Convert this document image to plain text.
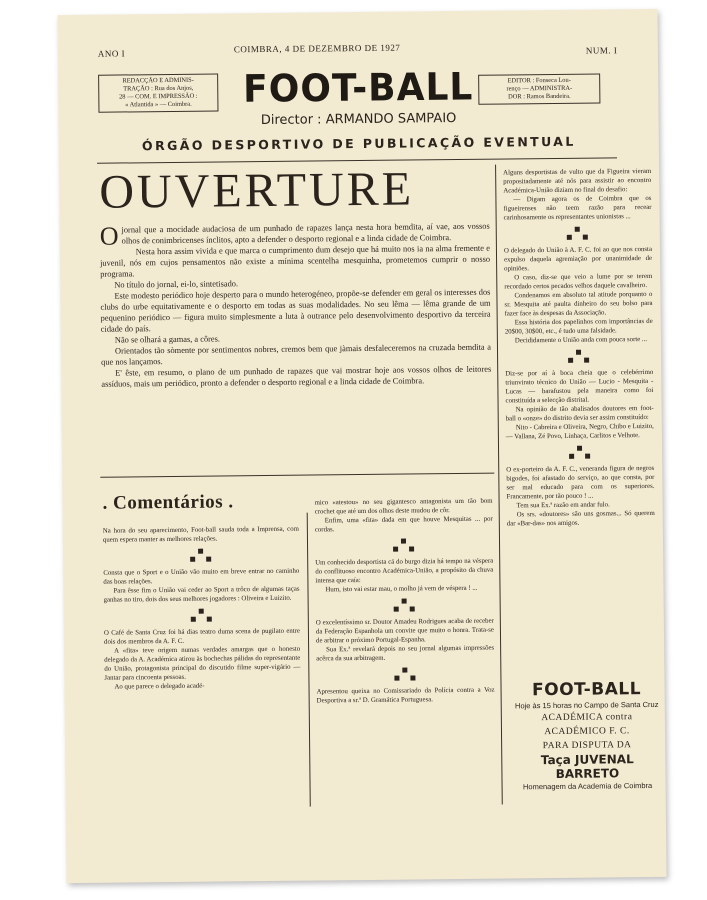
ANO I	COIMBRA, 4 DE DEZEMBRO DE 1927	NUM. I
REDACÇÃO E ADMINIS-
TRAÇÃO : Rua dos Anjos,
28 — COM. E IMPRESSÃO :
« Atlantida » — Coimbra.
EDITOR : Fonseca Lou-
renço — ADMINISTRA-
DOR : Ramos Bandeira.
FOOT-BALL
Director : ARMANDO SAMPAIO
ÓRGÃO DESPORTIVO DE PUBLICAÇÃO EVENTUAL
OUVERTURE

O jornal que a mocidade audaciosa de um punhado de rapazes lança nesta hora bemdita, aí vae, aos vossos olhos de conimbricenses ínclitos, apto a defender o desporto regional e a linda cidade de Coimbra.

Nesta hora assim vivida e que marca o cumprimento dum desejo que há muito nos ia na alma fremente e juvenil, nós em cujos pensamentos não existe a mínima scentelha mesquinha, prometemos cumprir o nosso programa.

No título do jornal, ei-lo, sintetisado.

Este modesto periódico hoje desperto para o mundo heterogéneo, propõe-se defender em geral os interesses dos clubs do urbe equitativamente e o desporto em todas as suas modalidades. No seu lêma — lêma grande de um pequenino periódico — figura muito simplesmente a luta à outrance pelo desenvolvimento desportivo da terceira cidade do país.

Não se olhará a gamas, a côres.

Orientados tão sòmente por sentimentos nobres, cremos bem que jàmais desfaleceremos na cruzada bemdita a que nos lançamos.

E' êste, em resumo, o plano de um punhado de rapazes que vai mostrar hoje aos vossos olhos de leitores assíduos, mais um periódico, pronto a defender o desporto regional e a linda cidade de Coimbra.

Alguns desportistas de vulto que da Figueira vieram propositadamente até nós para assistir ao encontro Académica-União diziam no final do desafio:

— Digam agora os de Coimbra que os figueirenses não teem razão para recear carinhosamente os representantes unionistas ...

O delegado do União à A. F. C. foi ao que nos consta expulso daquela agremiação por unanimidade de opiniões.

O caso, diz-se que veio a lume por se terem recordado certos pecados velhos daquele cavalheiro.

Condenamos em absoluto tal atitude porquanto o sr. Mesquita até paulta dinheiro do seu bolso para fazer face às despesas da Associação.

Essa história dos papelinhos com importâncias de 20$00, 30$00, etc., é tudo uma falsidade.

Decididamente o União anda com pouca sorte ...

Diz-se por aí à boca cheia que o celebérrimo triunvirato técnico do União — Lucio - Mesquita - Lucas — barafustou pela maneira como foi constituída a selecção distrital.

Na opinião de tão abalisados doutores em foot-ball o «onze» do distrito devia ser assim constituído:

Nito - Cabreira e Oliveira, Negro, Chibo e Luizito, — Vallana, Zé Povo, Linhaça, Carlitos e Velhote.

O ex-porteiro da A. F. C., veneranda figura de negros bigodes, foi afastado do serviço, ao que consta, por ser mal educado para com os superiores. Francamente, por tão pouco ! ...

Tem sua Ex.ª razão em andar fulo.

Os srs. «doutores» são uns gosmas... Só querem dar «Bar-das» nos amigos.

. Comentários .

Na hora do seu aparecimento, Foot-ball sauda toda a Imprensa, com quem espera manter as melhores relações.

Consta que o Sport e o União vão muito em breve entrar no caminho das boas relações.

Para êsse fim o União vai ceder ao Sport a trôco de algumas taças ganhas no tiro, dois dos seus melhores jogadores : Oliveira e Luizito.

O Café de Santa Cruz foi há dias teatro duma scena de pugilato entre dois dos membros da A. F. C.

A «fita» teve origem numas verdades amargas que o honesto delegado da A. Académica atirou às bochechas pálidas do representante do União, protagonista principal do discutido filme super-vigário — Jantar para cincoenta pessoas.

Ao que parece o delegado acadé-

mico «atestou» no seu gigantesco antagonista um tão bom crochet que até um dos olhos deste mudou de côr.

Enfim, uma «fita» dada em que houve Mesquitas ... por cordas.

Um conhecido desportista cá do burgo dizia há tempo na véspera do conflituoso encontro Académica-União, a propósito da chuva intensa que caía:

Hum, isto vai estar mau, o molho já vem de véspera ! ...

O excelentíssimo sr. Doutor Amadeu Rodrigues acaba de receber da Federação Espanhola um convite que muito o honra. Trata-se de arbitrar o próximo Portugal-Espanha.

Sua Ex.ª revelará depois no seu jornal algumas impressões acêrca da sua arbitragem.

Apresentou queixa no Comissariado da Polícia contra a Voz Desportiva a sr.ª D. Gramática Portuguesa.

FOOT-BALL
Hoje às 15 horas no Campo de Santa Cruz
ACADÉMICA contra ACADÉMICO F. C.
PARA DISPUTA DA
Taça JUVENAL BARRETO
Homenagem da Academia de Coimbra
